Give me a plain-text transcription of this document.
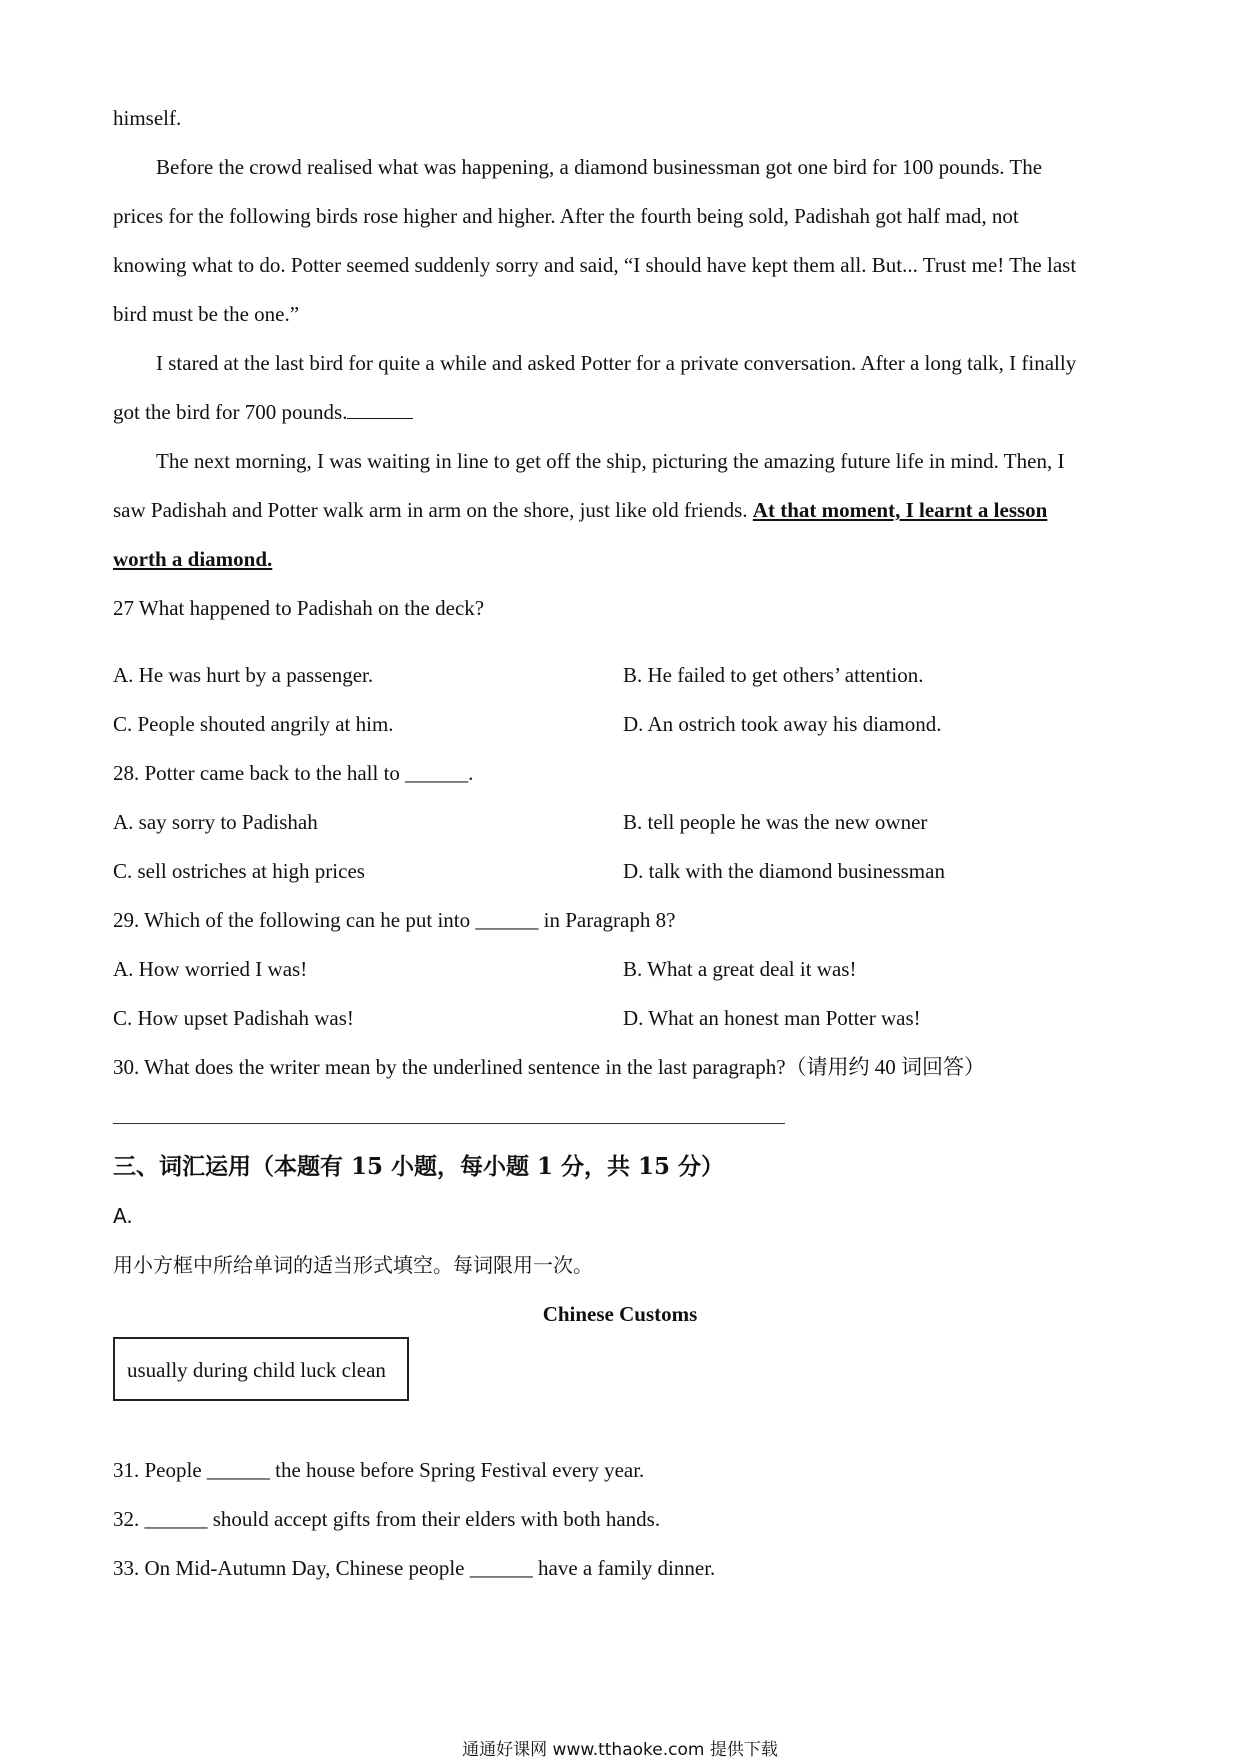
himself.
Before the crowd realised what was happening, a diamond businessman got one bird for 100 pounds. The
prices for the following birds rose higher and higher. After the fourth being sold, Padishah got half mad, not
knowing what to do. Potter seemed suddenly sorry and said, “I should have kept them all. But... Trust me! The last
bird must be the one.”
I stared at the last bird for quite a while and asked Potter for a private conversation. After a long talk, I finally
got the bird for 700 pounds.
The next morning, I was waiting in line to get off the ship, picturing the amazing future life in mind. Then, I
saw Padishah and Potter walk arm in arm on the shore, just like old friends. At that moment, I learnt a lesson
worth a diamond.
27 What happened to Padishah on the deck?
A. He was hurt by a passenger.	B. He failed to get others’ attention.
C. People shouted angrily at him.	D. An ostrich took away his diamond.
28. Potter came back to the hall to ______.
A. say sorry to Padishah	B. tell people he was the new owner
C. sell ostriches at high prices	D. talk with the diamond businessman
29. Which of the following can he put into ______ in Paragraph 8?
A. How worried I was!	B. What a great deal it was!
C. How upset Padishah was!	D. What an honest man Potter was!
30. What does the writer mean by the underlined sentence in the last paragraph?（请用约 40 词回答）
三、词汇运用（本题有 15 小题，每小题 1 分，共 15 分）
A.
用小方框中所给单词的适当形式填空。每词限用一次。
Chinese Customs
usually during child luck clean
31. People ______ the house before Spring Festival every year.
32. ______ should accept gifts from their elders with both hands.
33. On Mid-Autumn Day, Chinese people ______ have a family dinner.
通通好课网 www.tthaoke.com 提供下载
